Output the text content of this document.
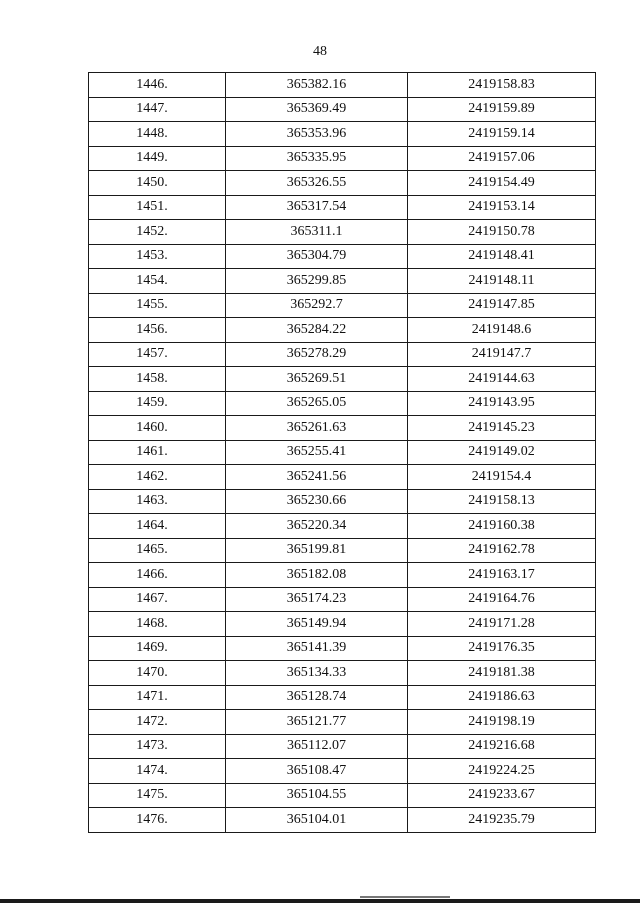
48
1446.	365382.16	2419158.83
1447.	365369.49	2419159.89
1448.	365353.96	2419159.14
1449.	365335.95	2419157.06
1450.	365326.55	2419154.49
1451.	365317.54	2419153.14
1452.	365311.1	2419150.78
1453.	365304.79	2419148.41
1454.	365299.85	2419148.11
1455.	365292.7	2419147.85
1456.	365284.22	2419148.6
1457.	365278.29	2419147.7
1458.	365269.51	2419144.63
1459.	365265.05	2419143.95
1460.	365261.63	2419145.23
1461.	365255.41	2419149.02
1462.	365241.56	2419154.4
1463.	365230.66	2419158.13
1464.	365220.34	2419160.38
1465.	365199.81	2419162.78
1466.	365182.08	2419163.17
1467.	365174.23	2419164.76
1468.	365149.94	2419171.28
1469.	365141.39	2419176.35
1470.	365134.33	2419181.38
1471.	365128.74	2419186.63
1472.	365121.77	2419198.19
1473.	365112.07	2419216.68
1474.	365108.47	2419224.25
1475.	365104.55	2419233.67
1476.	365104.01	2419235.79
